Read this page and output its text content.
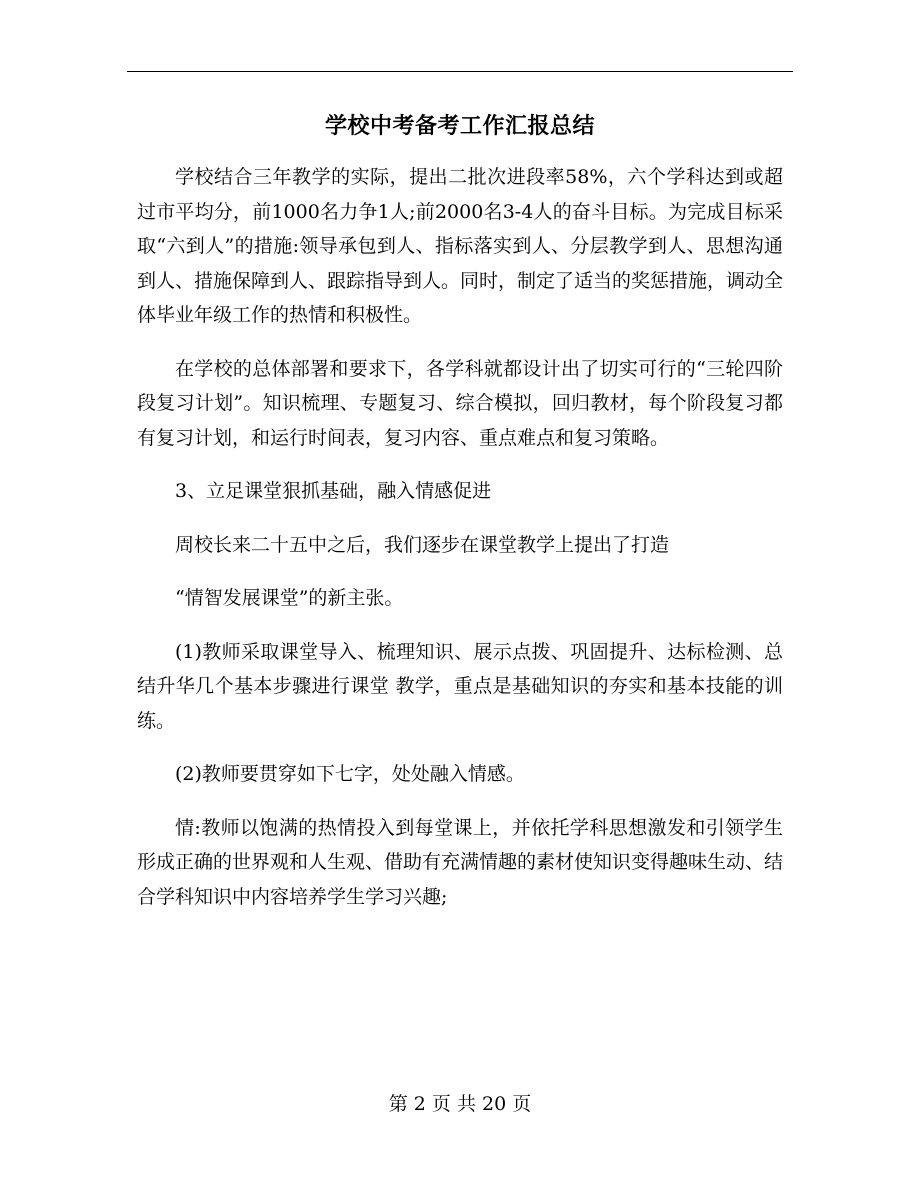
学校中考备考工作汇报总结

学校结合三年教学的实际，提出二批次进段率58%，六个学科达到或超过市平均分，前1000名力争1人;前2000名3-4人的奋斗目标。为完成目标采取“六到人”的措施:领导承包到人、指标落实到人、分层教学到人、思想沟通到人、措施保障到人、跟踪指导到人。同时，制定了适当的奖惩措施，调动全体毕业年级工作的热情和积极性。

在学校的总体部署和要求下，各学科就都设计出了切实可行的“三轮四阶段复习计划”。知识梳理、专题复习、综合模拟，回归教材，每个阶段复习都有复习计划，和运行时间表，复习内容、重点难点和复习策略。

3、立足课堂狠抓基础，融入情感促进

周校长来二十五中之后，我们逐步在课堂教学上提出了打造

“情智发展课堂”的新主张。

(1)教师采取课堂导入、梳理知识、展示点拨、巩固提升、达标检测、总结升华几个基本步骤进行课堂 教学，重点是基础知识的夯实和基本技能的训练。

(2)教师要贯穿如下七字，处处融入情感。

情:教师以饱满的热情投入到每堂课上，并依托学科思想激发和引领学生形成正确的世界观和人生观、借助有充满情趣的素材使知识变得趣味生动、结合学科知识中内容培养学生学习兴趣;

第 2 页 共 20 页
